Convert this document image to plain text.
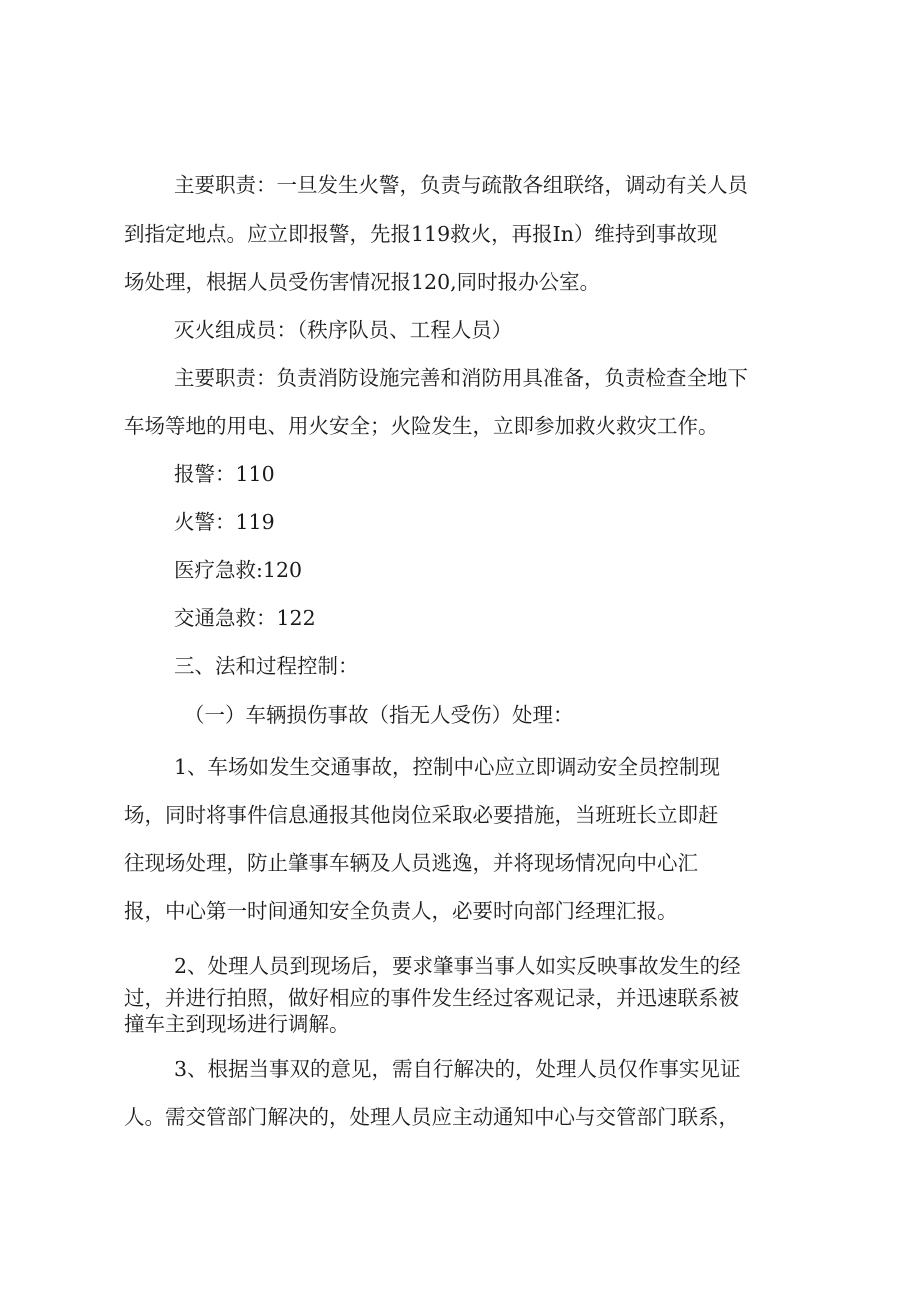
主要职责：一旦发生火警，负责与疏散各组联络，调动有关人员
到指定地点。应立即报警，先报119救火，再报In）维持到事故现
场处理，根据人员受伤害情况报120,同时报办公室。
灭火组成员：（秩序队员、工程人员）
主要职责：负责消防设施完善和消防用具准备，负责检查全地下
车场等地的用电、用火安全；火险发生，立即参加救火救灾工作。
报警：110
火警：119
医疗急救:120
交通急救：122
三、法和过程控制：
（一）车辆损伤事故（指无人受伤）处理：
1、车场如发生交通事故，控制中心应立即调动安全员控制现
场，同时将事件信息通报其他岗位采取必要措施，当班班长立即赶
往现场处理，防止肇事车辆及人员逃逸，并将现场情况向中心汇
报，中心第一时间通知安全负责人，必要时向部门经理汇报。
2、处理人员到现场后，要求肇事当事人如实反映事故发生的经
过，并进行拍照，做好相应的事件发生经过客观记录，并迅速联系被
撞车主到现场进行调解。
3、根据当事双的意见，需自行解决的，处理人员仅作事实见证
人。需交管部门解决的，处理人员应主动通知中心与交管部门联系，
